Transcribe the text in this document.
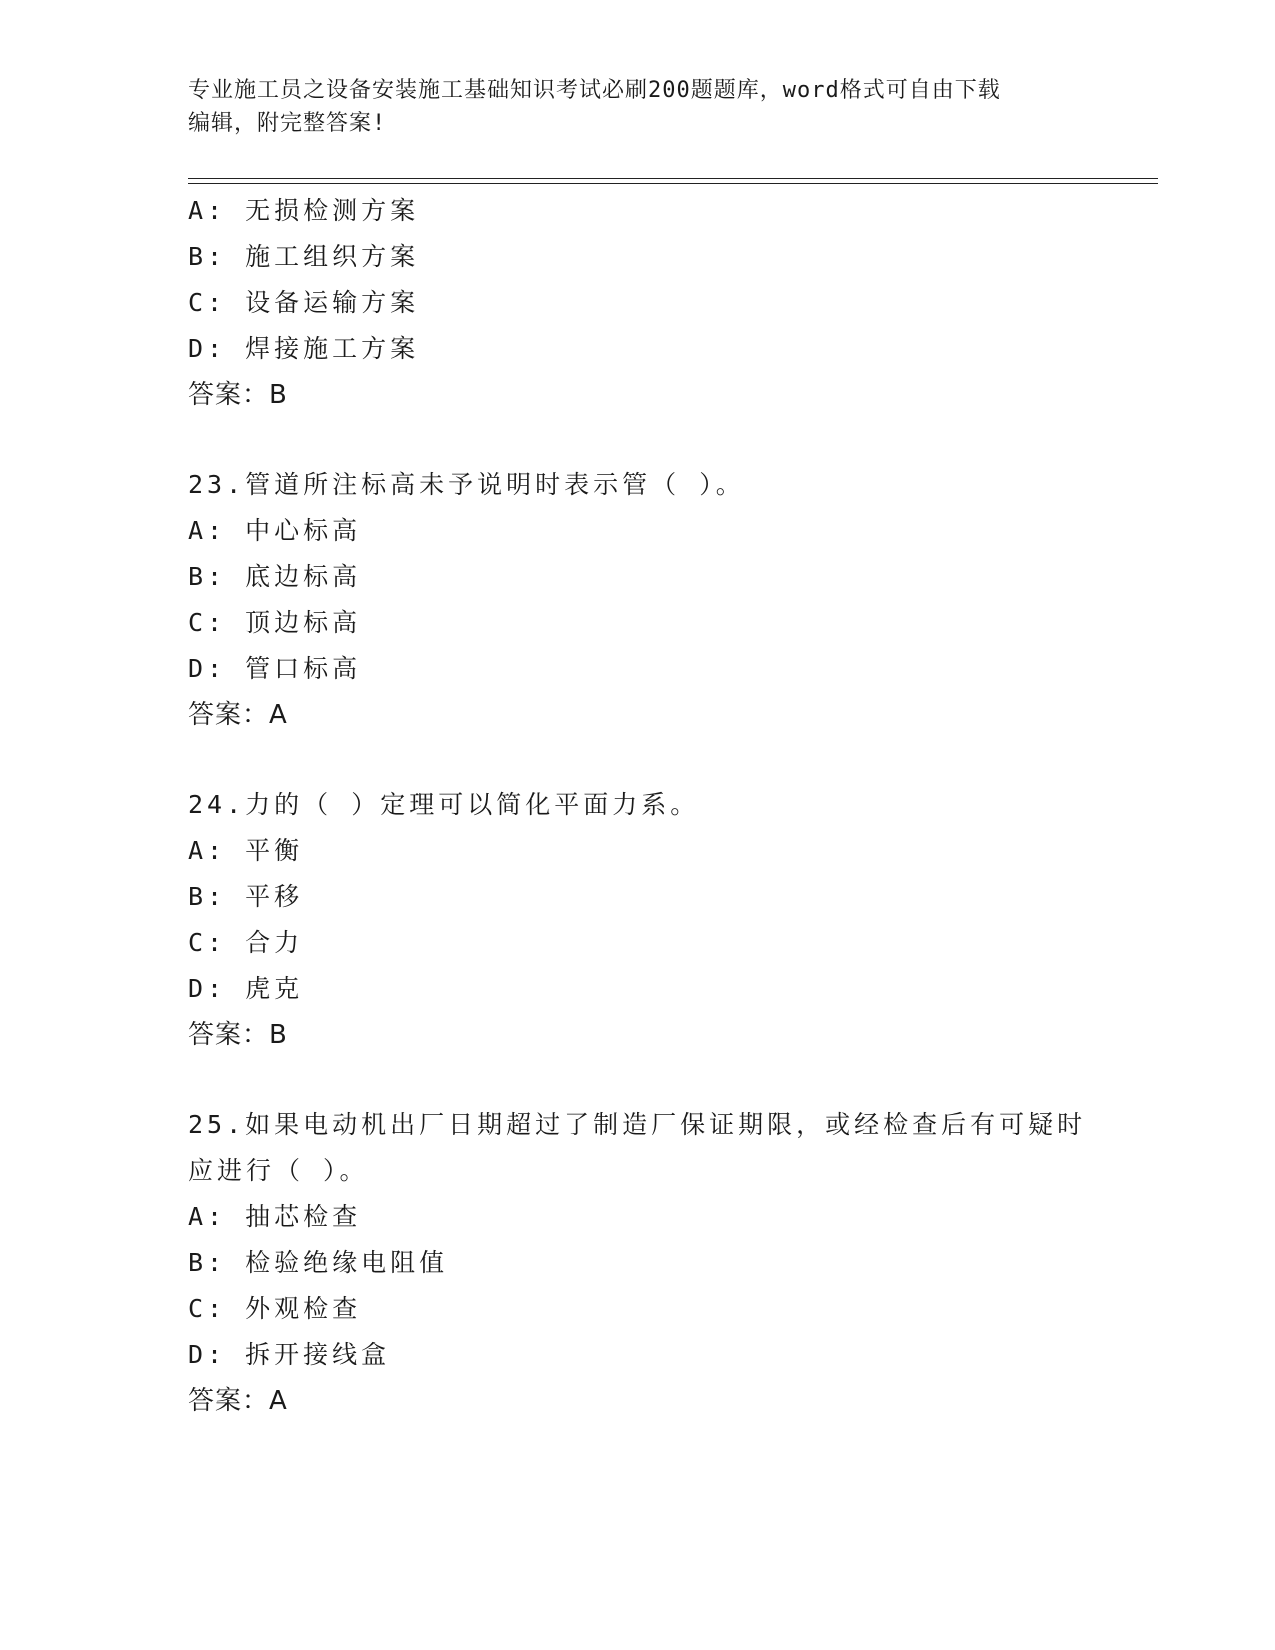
专业施工员之设备安装施工基础知识考试必刷200题题库，word格式可自由下载
编辑，附完整答案!
A: 无损检测方案
B: 施工组织方案
C: 设备运输方案
D: 焊接施工方案
答案：B
23.管道所注标高未予说明时表示管（ ）。
A: 中心标高
B: 底边标高
C: 顶边标高
D: 管口标高
答案：A
24.力的（ ）定理可以简化平面力系。
A: 平衡
B: 平移
C: 合力
D: 虎克
答案：B
25.如果电动机出厂日期超过了制造厂保证期限，或经检查后有可疑时
应进行（ ）。
A: 抽芯检查
B: 检验绝缘电阻值
C: 外观检查
D: 拆开接线盒
答案：A
